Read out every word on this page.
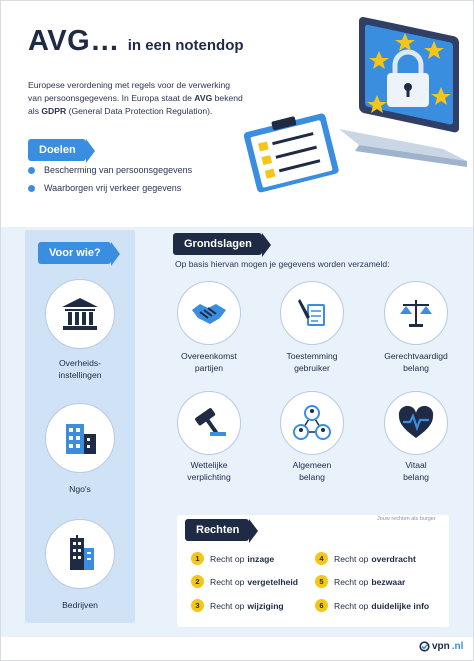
AVG… in een notendop

Europese verordening met regels voor de verwerking van persoonsgegevens. In Europa staat de AVG bekend als GDPR (General Data Protection Regulation).

Doelen
Bescherming van persoonsgegevens
Waarborgen vrij verkeer gegevens
Voor wie?
Overheids-
instellingen
Ngo's
Bedrijven
Grondslagen
Op basis hiervan mogen je gegevens worden verzameld:
Overeenkomst
partijen
Toestemming
gebruiker
Gerechtvaardigd
belang
Wettelijke
verplichting
Algemeen
belang
Vitaal
belang
Rechten
Jouw rechten als burger
1	Recht op inzage
2	Recht op vergetelheid
3	Recht op wijziging
4	Recht op overdracht
5	Recht op bezwaar
6	Recht op duidelijke info
vpn .nl
